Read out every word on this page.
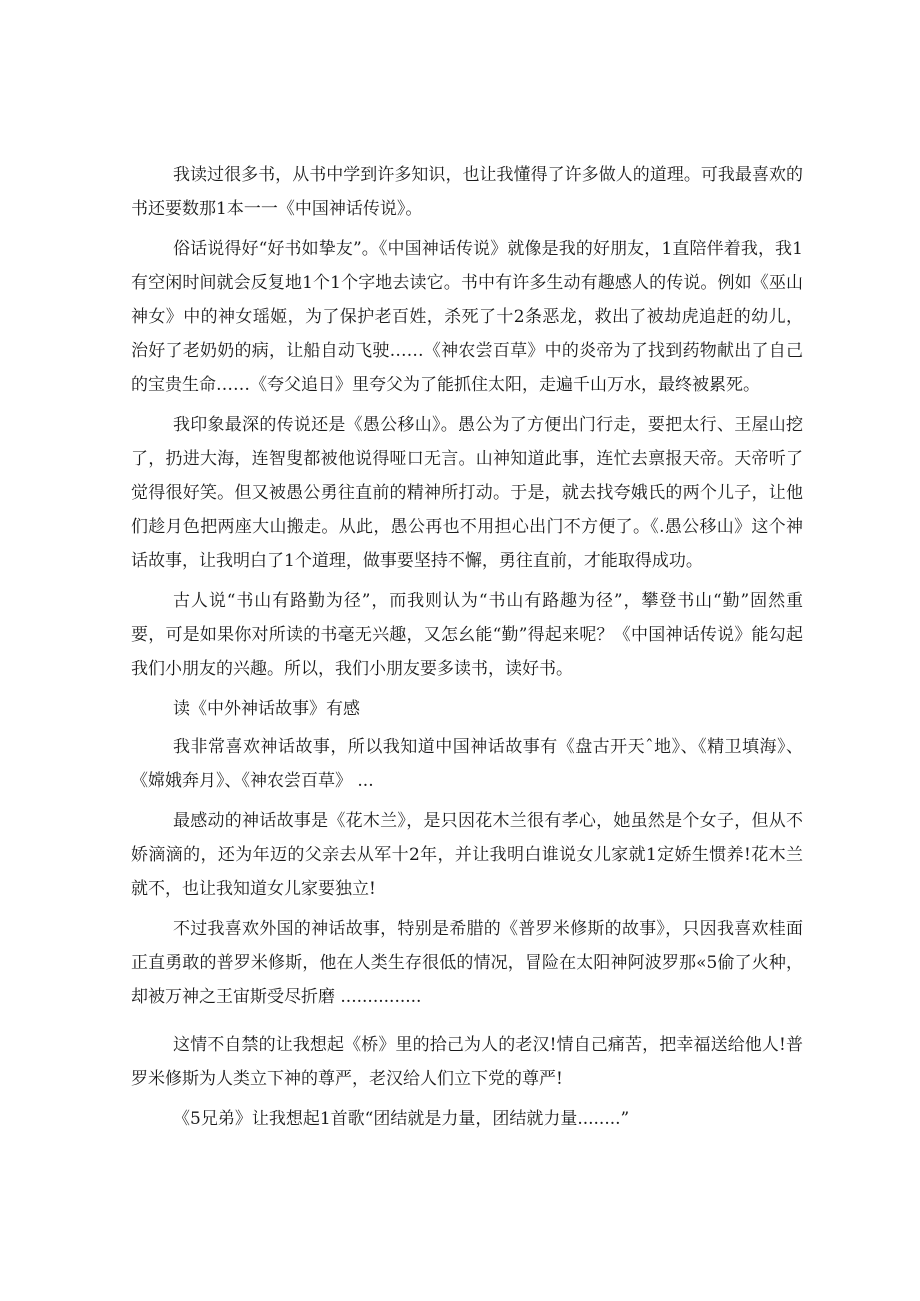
我读过很多书，从书中学到许多知识，也让我懂得了许多做人的道理。可我最喜欢的书还要数那1本一一《中国神话传说》。

俗话说得好“好书如挚友”。《中国神话传说》就像是我的好朋友，1直陪伴着我，我1有空闲时间就会反复地1个1个字地去读它。书中有许多生动有趣感人的传说。例如《巫山神女》中的神女瑶姬，为了保护老百姓，杀死了十2条恶龙，救出了被劫虎追赶的幼儿，治好了老奶奶的病，让船自动飞驶……《神农尝百草》中的炎帝为了找到药物献出了自己的宝贵生命……《夸父追日》里夸父为了能抓住太阳，走遍千山万水，最终被累死。

我印象最深的传说还是《愚公移山》。愚公为了方便出门行走，要把太行、王屋山挖了，扔进大海，连智叟都被他说得哑口无言。山神知道此事，连忙去禀报天帝。天帝听了觉得很好笑。但又被愚公勇往直前的精神所打动。于是，就去找夸娥氏的两个儿子，让他们趁月色把两座大山搬走。从此，愚公再也不用担心出门不方便了。《.愚公移山》这个神话故事，让我明白了1个道理，做事要坚持不懈，勇往直前，才能取得成功。

古人说“书山有路勤为径”，而我则认为“书山有路趣为径”，攀登书山“勤”固然重要，可是如果你对所读的书毫无兴趣，又怎幺能“勤”得起来呢？《中国神话传说》能勾起我们小朋友的兴趣。所以，我们小朋友要多读书，读好书。

读《中外神话故事》有感

我非常喜欢神话故事，所以我知道中国神话故事有《盘古开天ˆ地》、《精卫填海》、《嫦娥奔月》、《神农尝百草》 ...

最感动的神话故事是《花木兰》，是只因花木兰很有孝心，她虽然是个女子，但从不娇滴滴的，还为年迈的父亲去从军十2年，并让我明白谁说女儿家就1定娇生惯养!花木兰就不，也让我知道女儿家要独立!

不过我喜欢外国的神话故事，特别是希腊的《普罗米修斯的故事》，只因我喜欢桂面正直勇敢的普罗米修斯，他在人类生存很低的情况，冒险在太阳神阿波罗那«5偷了火种，却被万神之王宙斯受尽折磨 ...............

这情不自禁的让我想起《桥》里的拾己为人的老汉!情自己痛苦，把幸福送给他人!普罗米修斯为人类立下神的尊严，老汉给人们立下党的尊严!

《5兄弟》让我想起1首歌“团结就是力量，团结就力量........”
